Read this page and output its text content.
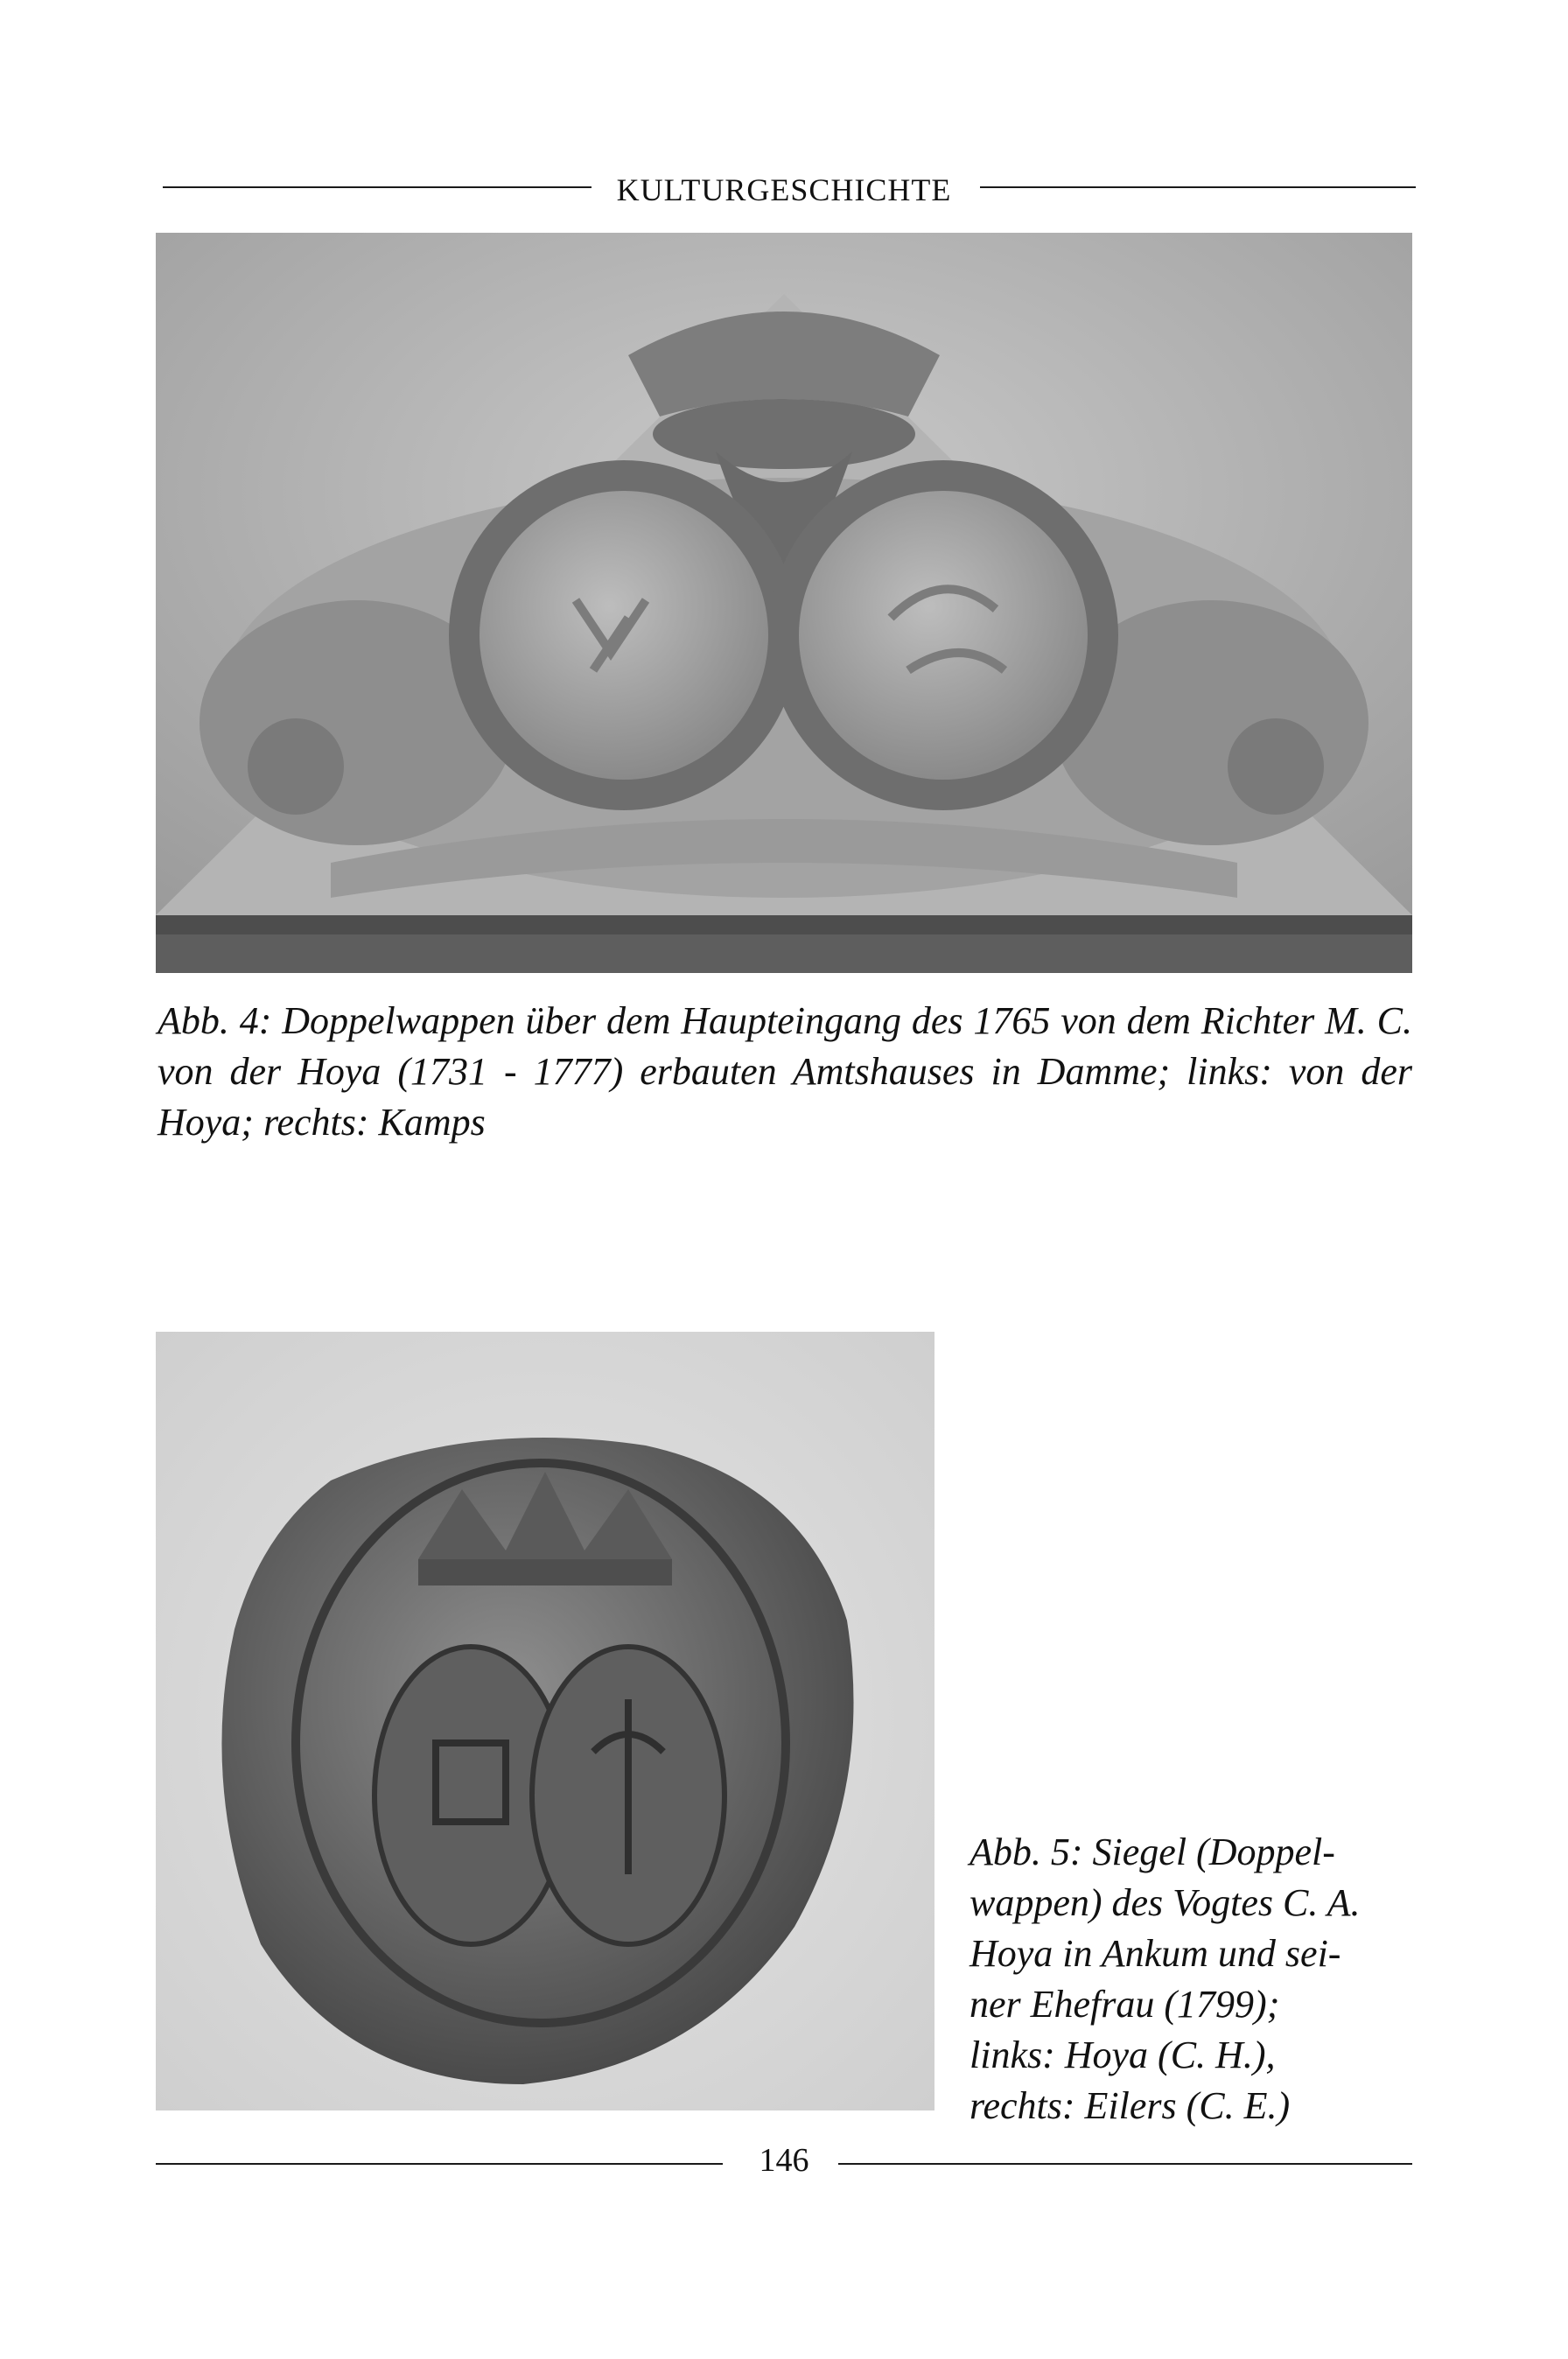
KULTURGESCHICHTE
Abb. 4: Doppelwappen über dem Haupteingang des 1765 von dem Richter M. C. von der Hoya (1731 - 1777) erbauten Amtshauses in Damme; links: von der Hoya; rechts: Kamps
Abb. 5: Siegel (Doppel-
wappen) des Vogtes C. A.
Hoya in Ankum und sei-
ner Ehefrau (1799);
links: Hoya (C. H.),
rechts: Eilers (C. E.)
146
